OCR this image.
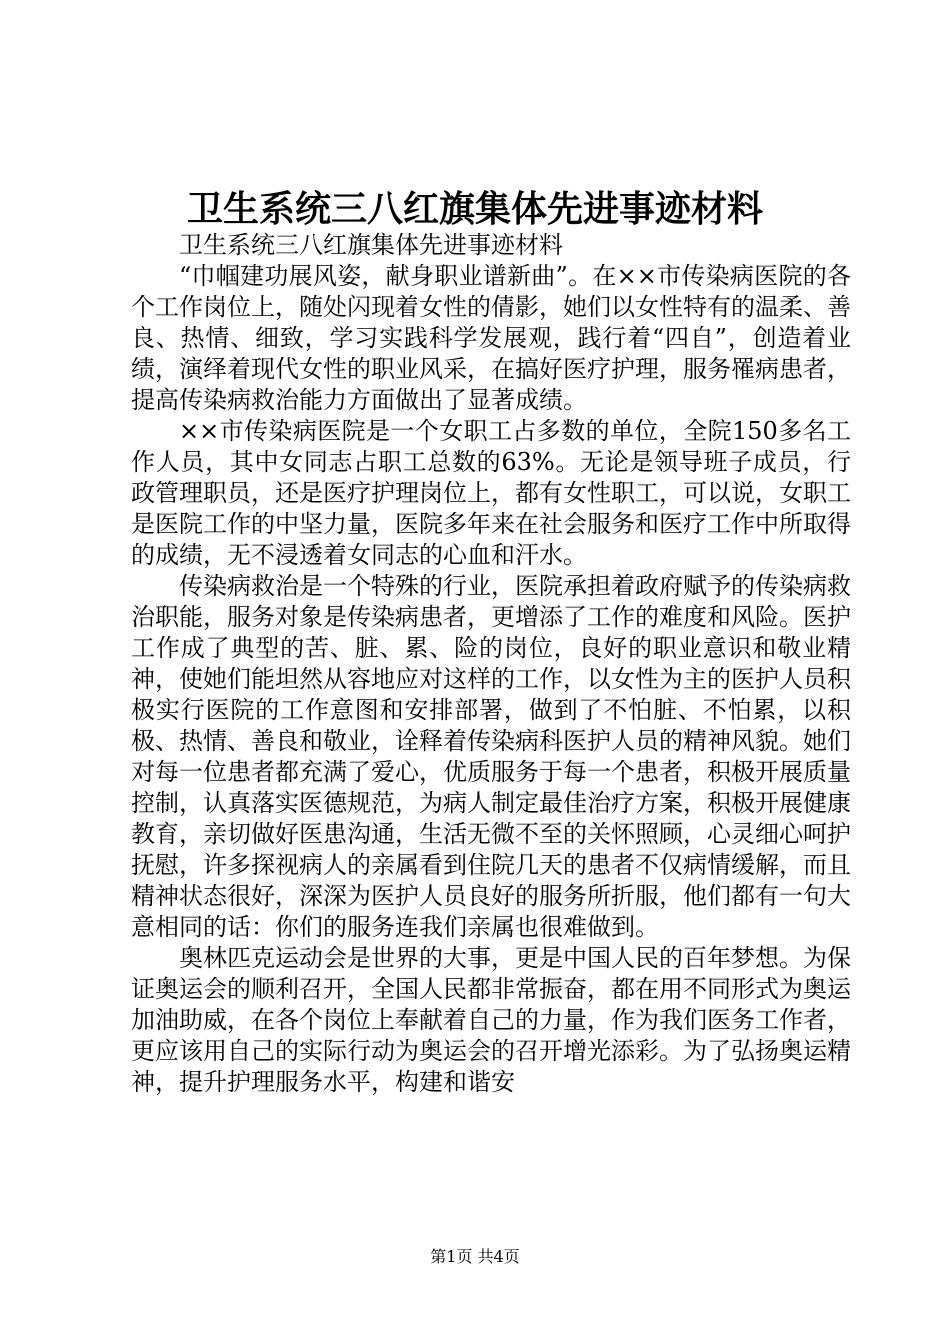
卫生系统三八红旗集体先进事迹材料

卫生系统三八红旗集体先进事迹材料

“巾帼建功展风姿，献身职业谱新曲”。在××市传染病医院的各个工作岗位上，随处闪现着女性的倩影，她们以女性特有的温柔、善良、热情、细致，学习实践科学发展观，践行着“四自”，创造着业绩，演绎着现代女性的职业风采，在搞好医疗护理，服务罹病患者，提高传染病救治能力方面做出了显著成绩。

××市传染病医院是一个女职工占多数的单位，全院150多名工作人员，其中女同志占职工总数的63%。无论是领导班子成员，行政管理职员，还是医疗护理岗位上，都有女性职工，可以说，女职工是医院工作的中坚力量，医院多年来在社会服务和医疗工作中所取得的成绩，无不浸透着女同志的心血和汗水。

传染病救治是一个特殊的行业，医院承担着政府赋予的传染病救治职能，服务对象是传染病患者，更增添了工作的难度和风险。医护工作成了典型的苦、脏、累、险的岗位，良好的职业意识和敬业精神，使她们能坦然从容地应对这样的工作，以女性为主的医护人员积极实行医院的工作意图和安排部署，做到了不怕脏、不怕累，以积极、热情、善良和敬业，诠释着传染病科医护人员的精神风貌。她们对每一位患者都充满了爱心，优质服务于每一个患者，积极开展质量控制，认真落实医德规范，为病人制定最佳治疗方案，积极开展健康教育，亲切做好医患沟通，生活无微不至的关怀照顾，心灵细心呵护抚慰，许多探视病人的亲属看到住院几天的患者不仅病情缓解，而且精神状态很好，深深为医护人员良好的服务所折服，他们都有一句大意相同的话：你们的服务连我们亲属也很难做到。

奥林匹克运动会是世界的大事，更是中国人民的百年梦想。为保证奥运会的顺利召开，全国人民都非常振奋，都在用不同形式为奥运加油助威，在各个岗位上奉献着自己的力量，作为我们医务工作者，更应该用自己的实际行动为奥运会的召开增光添彩。为了弘扬奥运精神，提升护理服务水平，构建和谐安

第1页 共4页
